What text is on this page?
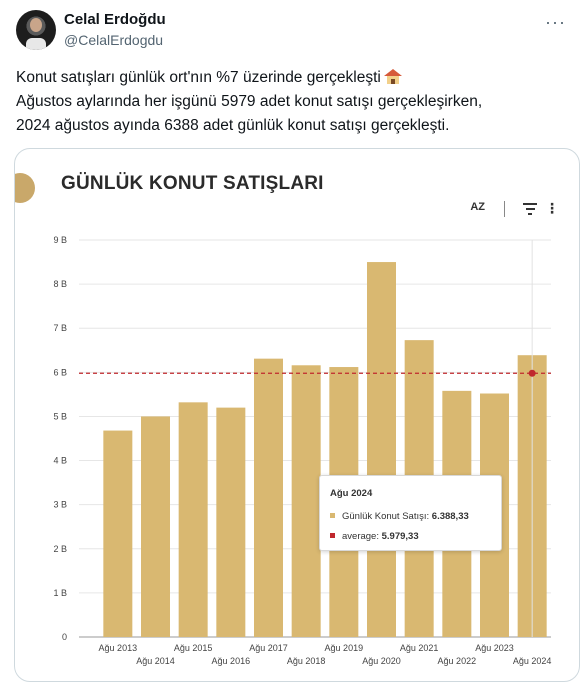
Celal Erdoğdu
@CelalErdogdu
···
Konut satışları günlük ort'nın %7 üzerinde gerçekleşti
Ağustos aylarında her işgünü 5979 adet konut satışı gerçekleşirken,
2024 ağustos ayında 6388 adet günlük konut satışı gerçekleşti.
GÜNLÜK KONUT SATIŞLARI
AZ	⋮
0
1 B
2 B
3 B
4 B
5 B
6 B
7 B
8 B
9 B
Ağu 2013
Ağu 2014
Ağu 2015
Ağu 2016
Ağu 2017
Ağu 2018
Ağu 2019
Ağu 2020
Ağu 2021
Ağu 2022
Ağu 2023
Ağu 2024
Ağu 2024
Günlük Konut Satışı: 6.388,33
average: 5.979,33
